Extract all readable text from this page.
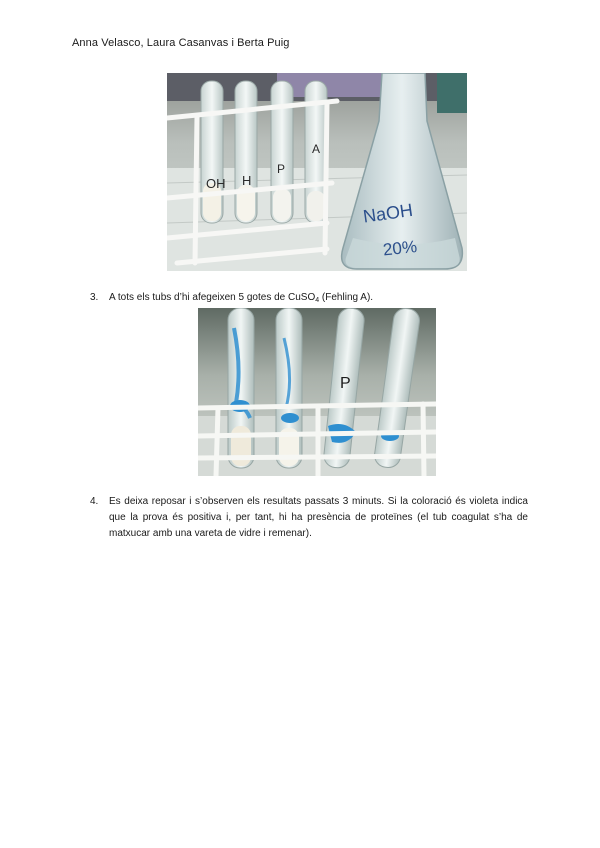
Anna Velasco, Laura Casanvas i Berta Puig
OH H
P
A
NaOH
20%
3. A tots els tubs d’hi afegeixen 5 gotes de CuSO$_4$ (Fehling A).
P
4. Es deixa reposar i s’observen els resultats passats 3 minuts. Si la coloració és violeta indica que la prova és positiva i, per tant, hi ha presència de proteïnes (el tub coagulat s’ha de matxucar amb una vareta de vidre i remenar).
